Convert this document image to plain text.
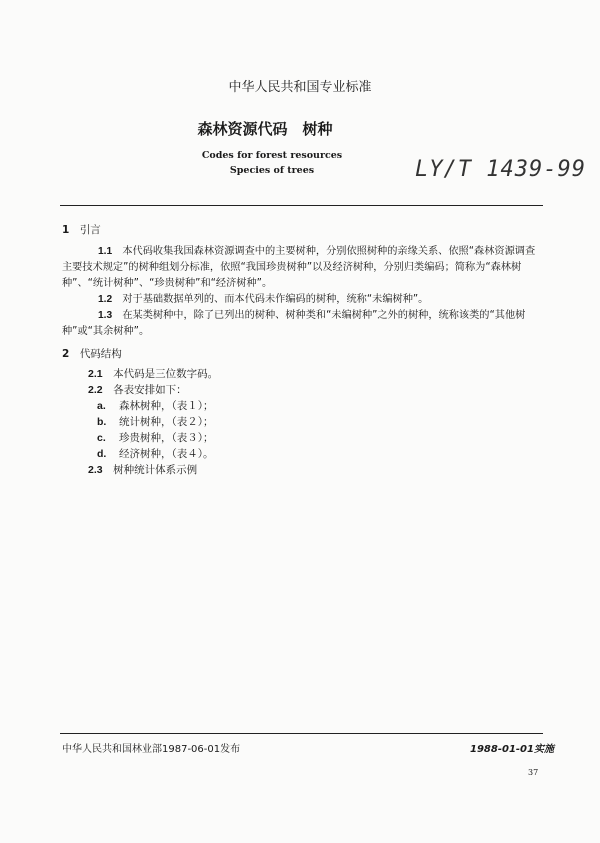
中华人民共和国专业标准
森林资源代码　树种
Codes for forest resources
Species of trees	LY/T 1439-99
1　 引言
1.1　 本代码收集我国森林资源调查中的主要树种，分别依照树种的亲缘关系、依照“森林资源调查主要技术规定”的树种组划分标准，依照“我国珍贵树种”以及经济树种，分别归类编码；简称为“森林树种”、“统计树种”、“珍贵树种”和“经济树种”。
1.2　 对于基础数据单列的、而本代码未作编码的树种，统称“未编树种”。
1.3　 在某类树种中，除了已列出的树种、树种类和“未编树种”之外的树种，统称该类的“其他树种”或“其余树种”。
2　 代码结构
2.1　 本代码是三位数字码。
2.2　 各表安排如下：
a. 森林树种，（表１）；
b. 统计树种，（表２）；
c. 珍贵树种，（表３）；
d. 经济树种，（表４）。
2.3　 树种统计体系示例
中华人民共和国林业部1987-06-01发布	1988-01-01实施
37
